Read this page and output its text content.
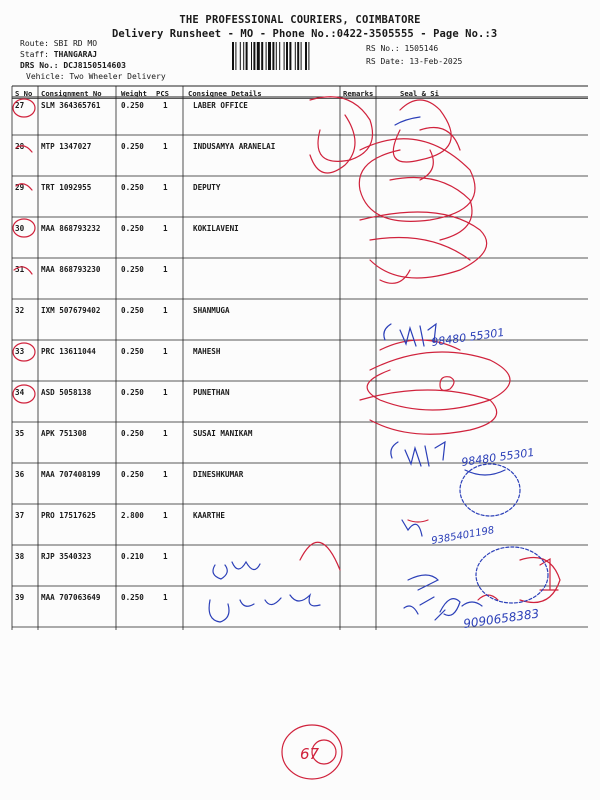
THE PROFESSIONAL COURIERS, COIMBATORE
Delivery Runsheet - MO - Phone No.:0422-3505555 - Page No.:3
Route: SBI RD MO
Staff: THANGARAJ
DRS No.: DCJ8150514603
Vehicle: Two Wheeler Delivery
RS No.: 1505146
RS Date: 13-Feb-2025
S No Consignment No	Weight PCS	Consignee Details	Remarks	Seal & Si
27 SLM 364365761	0.250	1	LABER OFFICE
28 MTP 1347027	0.250	1	INDUSAMYA ARANELAI
29 TRT 1092955	0.250	1	DEPUTY
30 MAA 868793232	0.250	1	KOKILAVENI
31 MAA 868793230	0.250	1
32 IXM 507679402	0.250	1	SHANMUGA
33 PRC 13611044	0.250	1	MAHESH
34 ASD 5058138	0.250	1	PUNETHAN
35 APK 751308	0.250	1	SUSAI MANIKAM
36 MAA 707408199	0.250	1	DINESHKUMAR
37 PRO 17517625	2.800	1	KAARTHE
38 RJP 3540323	0.210	1
39 MAA 707063649	0.250	1
98480 55301
98480 55301
9385401198
9090658383
67
